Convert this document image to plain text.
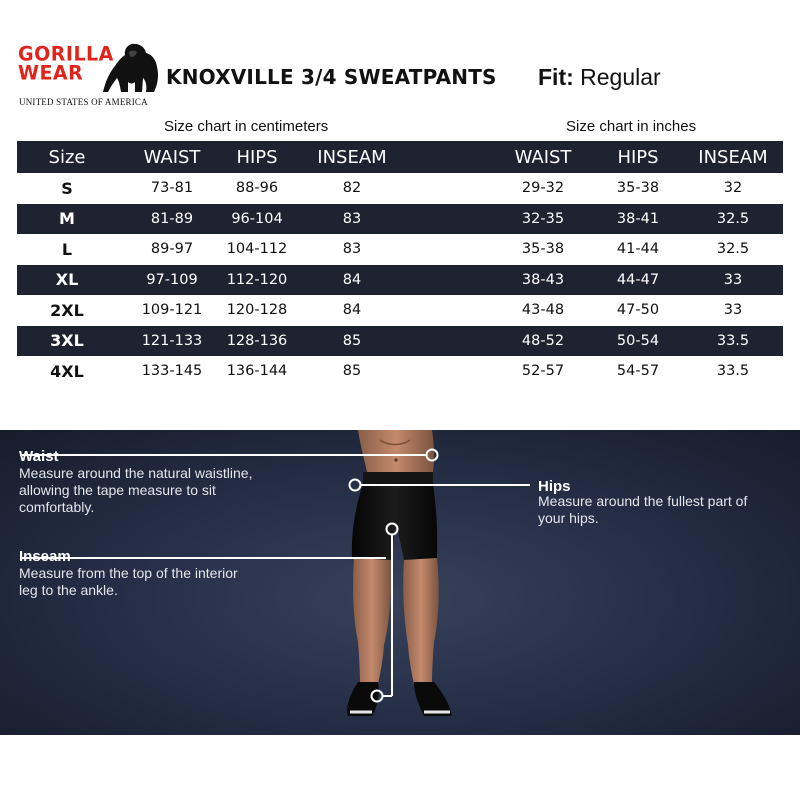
GORILLA
WEAR
UNITED STATES OF AMERICA
KNOXVILLE 3/4 SWEATPANTS Fit: Regular
Size chart in centimeters	Size chart in inches
Size	WAIST	HIPS	INSEAM	WAIST	HIPS	INSEAM
S	73-81	88-96	82	29-32	35-38	32
M	81-89	96-104	83	32-35	38-41	32.5
L	89-97	104-112	83	35-38	41-44	32.5
XL	97-109	112-120	84	38-43	44-47	33
2XL	109-121	120-128	84	43-48	47-50	33
3XL	121-133	128-136	85	48-52	50-54	33.5
4XL	133-145	136-144	85	52-57	54-57	33.5
Waist
Measure around the natural waistline, allowing the tape measure to sit comfortably.
Hips
Measure around the fullest part of your hips.
Inseam
Measure from the top of the interior leg to the ankle.
